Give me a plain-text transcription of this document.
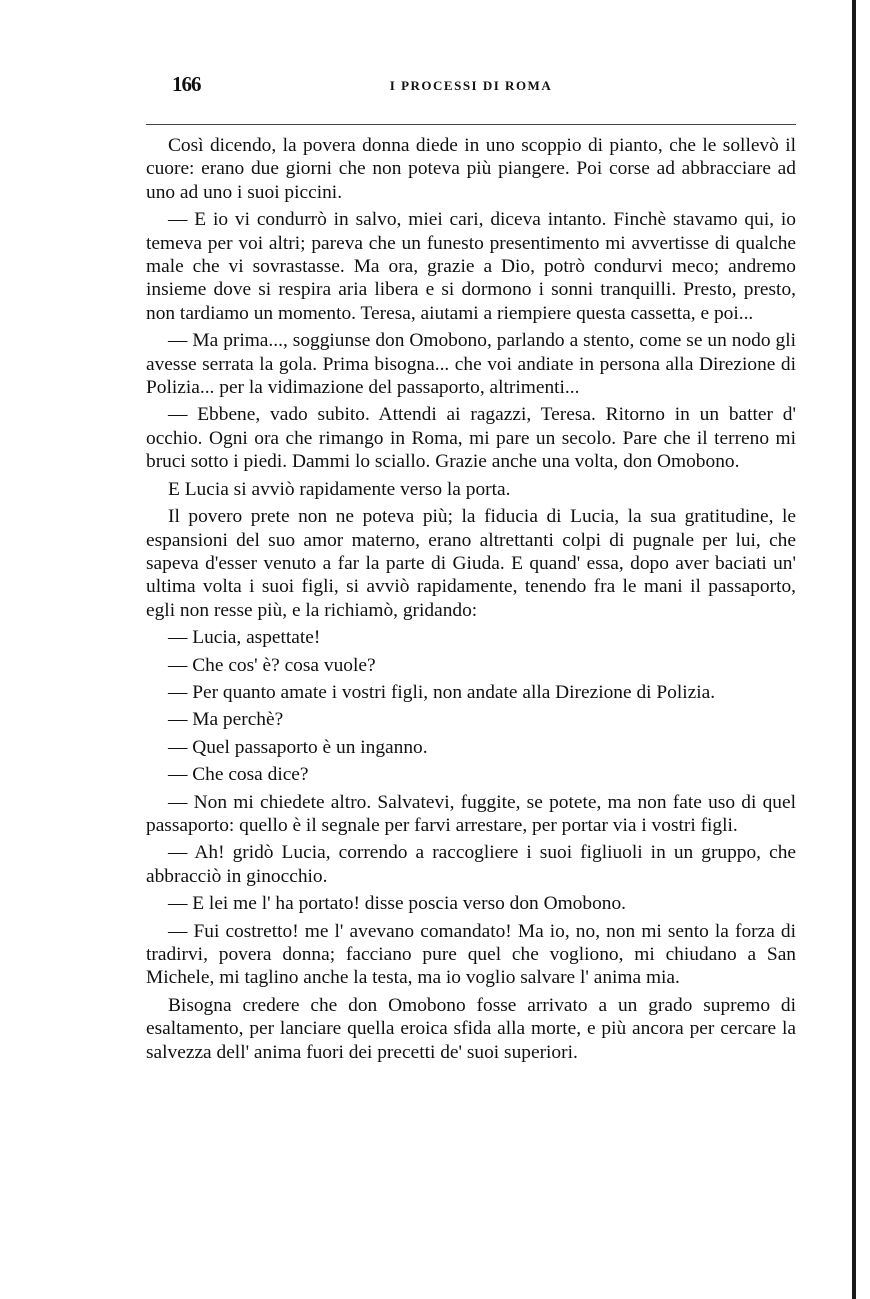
166	I PROCESSI DI ROMA

Così dicendo, la povera donna diede in uno scoppio di pianto, che le sollevò il cuore: erano due giorni che non poteva più piangere. Poi corse ad abbracciare ad uno ad uno i suoi piccini.

— E io vi condurrò in salvo, miei cari, diceva intanto. Finchè stavamo qui, io temeva per voi altri; pareva che un funesto presentimento mi avvertisse di qualche male che vi sovrastasse. Ma ora, grazie a Dio, potrò condurvi meco; andremo insieme dove si respira aria libera e si dormono i sonni tranquilli. Presto, presto, non tardiamo un momento. Teresa, aiutami a riempiere questa cassetta, e poi...

— Ma prima..., soggiunse don Omobono, parlando a stento, come se un nodo gli avesse serrata la gola. Prima bisogna... che voi andiate in persona alla Direzione di Polizia... per la vidimazione del passaporto, altrimenti...

— Ebbene, vado subito. Attendi ai ragazzi, Teresa. Ritorno in un batter d' occhio. Ogni ora che rimango in Roma, mi pare un secolo. Pare che il terreno mi bruci sotto i piedi. Dammi lo sciallo. Grazie anche una volta, don Omobono.

E Lucia si avviò rapidamente verso la porta.

Il povero prete non ne poteva più; la fiducia di Lucia, la sua gratitudine, le espansioni del suo amor materno, erano altrettanti colpi di pugnale per lui, che sapeva d'esser venuto a far la parte di Giuda. E quand' essa, dopo aver baciati un' ultima volta i suoi figli, si avviò rapidamente, tenendo fra le mani il passaporto, egli non resse più, e la richiamò, gridando:

— Lucia, aspettate!

— Che cos' è? cosa vuole?

— Per quanto amate i vostri figli, non andate alla Direzione di Polizia.

— Ma perchè?

— Quel passaporto è un inganno.

— Che cosa dice?

— Non mi chiedete altro. Salvatevi, fuggite, se potete, ma non fate uso di quel passaporto: quello è il segnale per farvi arrestare, per portar via i vostri figli.

— Ah! gridò Lucia, correndo a raccogliere i suoi figliuoli in un gruppo, che abbracciò in ginocchio.

— E lei me l' ha portato! disse poscia verso don Omobono.

— Fui costretto! me l' avevano comandato! Ma io, no, non mi sento la forza di tradirvi, povera donna; facciano pure quel che vogliono, mi chiudano a San Michele, mi taglino anche la testa, ma io voglio salvare l' anima mia.

Bisogna credere che don Omobono fosse arrivato a un grado supremo di esaltamento, per lanciare quella eroica sfida alla morte, e più ancora per cercare la salvezza dell' anima fuori dei precetti de' suoi superiori.
